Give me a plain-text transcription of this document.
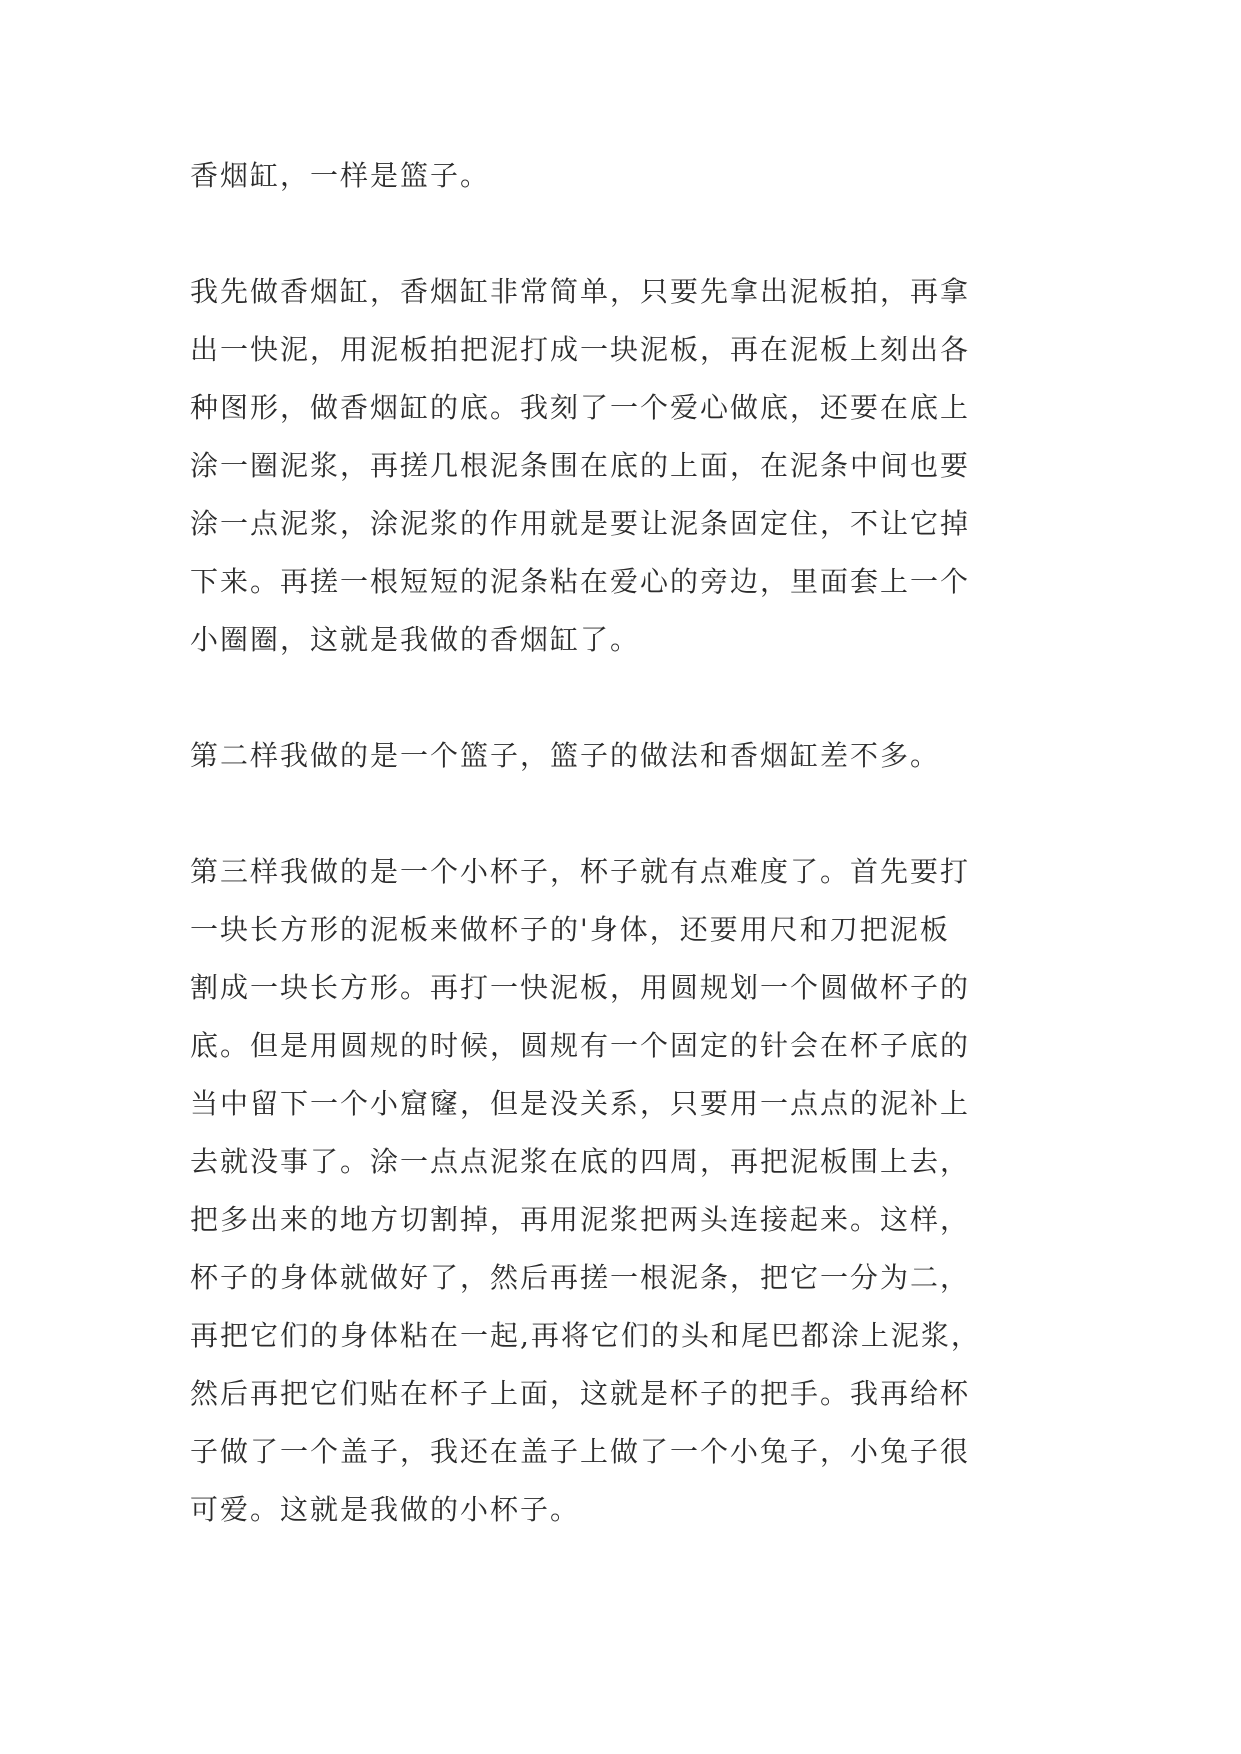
香烟缸，一样是篮子。
我先做香烟缸，香烟缸非常简单，只要先拿出泥板拍，再拿
出一快泥，用泥板拍把泥打成一块泥板，再在泥板上刻出各
种图形，做香烟缸的底。我刻了一个爱心做底，还要在底上
涂一圈泥浆，再搓几根泥条围在底的上面，在泥条中间也要
涂一点泥浆，涂泥浆的作用就是要让泥条固定住，不让它掉
下来。再搓一根短短的泥条粘在爱心的旁边，里面套上一个
小圈圈，这就是我做的香烟缸了。
第二样我做的是一个篮子，篮子的做法和香烟缸差不多。
第三样我做的是一个小杯子，杯子就有点难度了。首先要打
一块长方形的泥板来做杯子的'身体，还要用尺和刀把泥板
割成一块长方形。再打一快泥板，用圆规划一个圆做杯子的
底。但是用圆规的时候，圆规有一个固定的针会在杯子底的
当中留下一个小窟窿，但是没关系，只要用一点点的泥补上
去就没事了。涂一点点泥浆在底的四周，再把泥板围上去，
把多出来的地方切割掉，再用泥浆把两头连接起来。这样，
杯子的身体就做好了，然后再搓一根泥条，把它一分为二，
再把它们的身体粘在一起,再将它们的头和尾巴都涂上泥浆，
然后再把它们贴在杯子上面，这就是杯子的把手。我再给杯
子做了一个盖子，我还在盖子上做了一个小兔子，小兔子很
可爱。这就是我做的小杯子。
